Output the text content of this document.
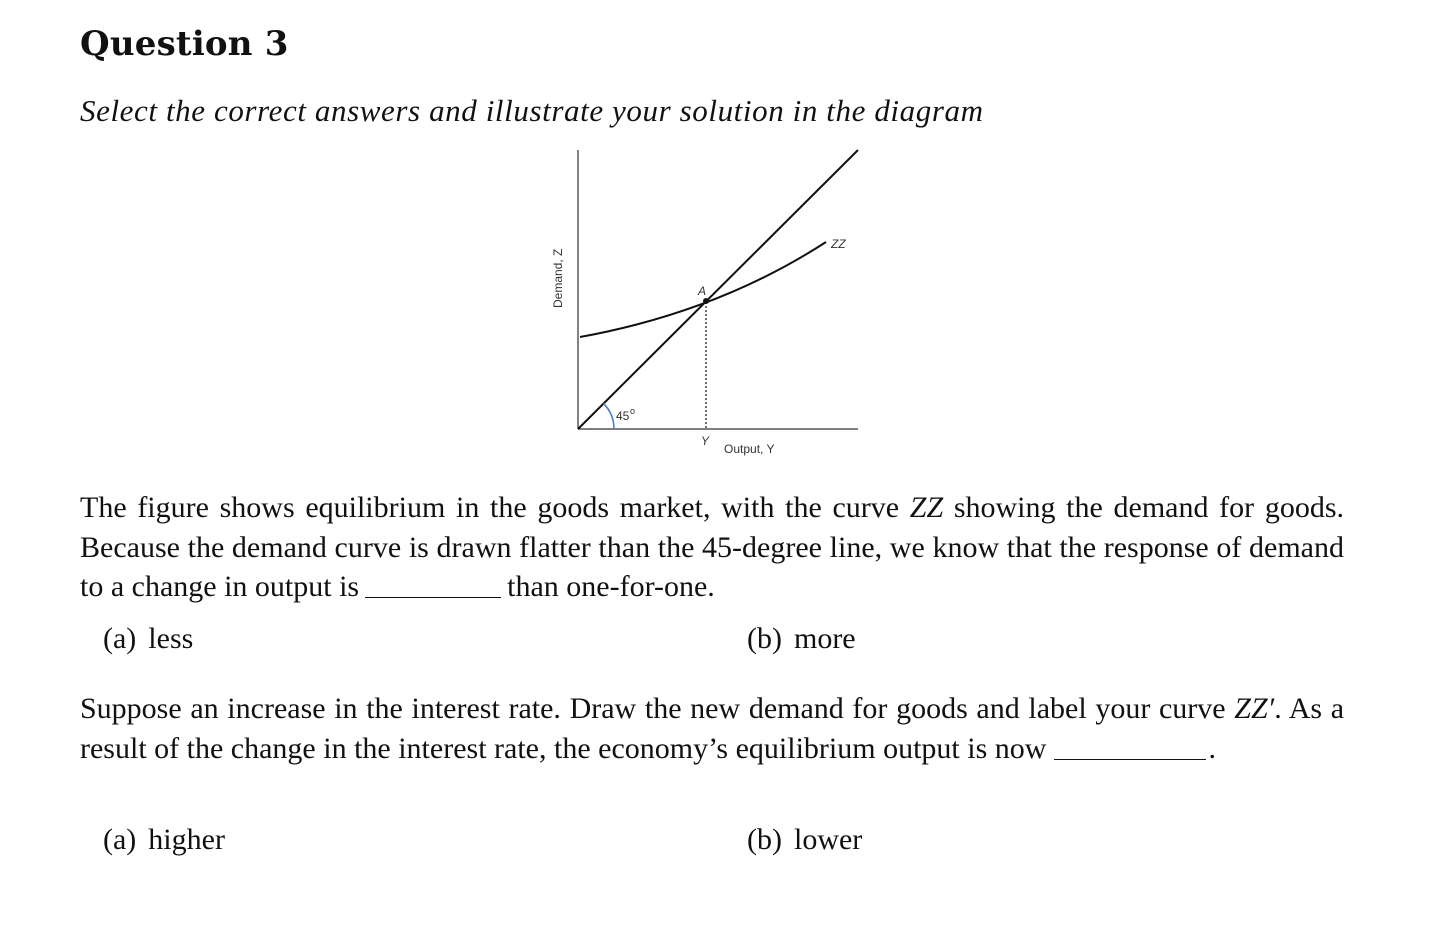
Question 3

Select the correct answers and illustrate your solution in the diagram

Demand, Z
Output, Y
Y
ZZ
A
45 o

The figure shows equilibrium in the goods market, with the curve ZZ showing the demand for goods. Because the demand curve is drawn flatter than the 45-degree line, we know that the response of demand to a change in output is	than one-for-one.

(a) less	(b) more

Suppose an increase in the interest rate. Draw the new demand for goods and label your curve ZZ′. As a result of the change in the interest rate, the economy’s equilibrium output is now	.

(a) higher	(b) lower
